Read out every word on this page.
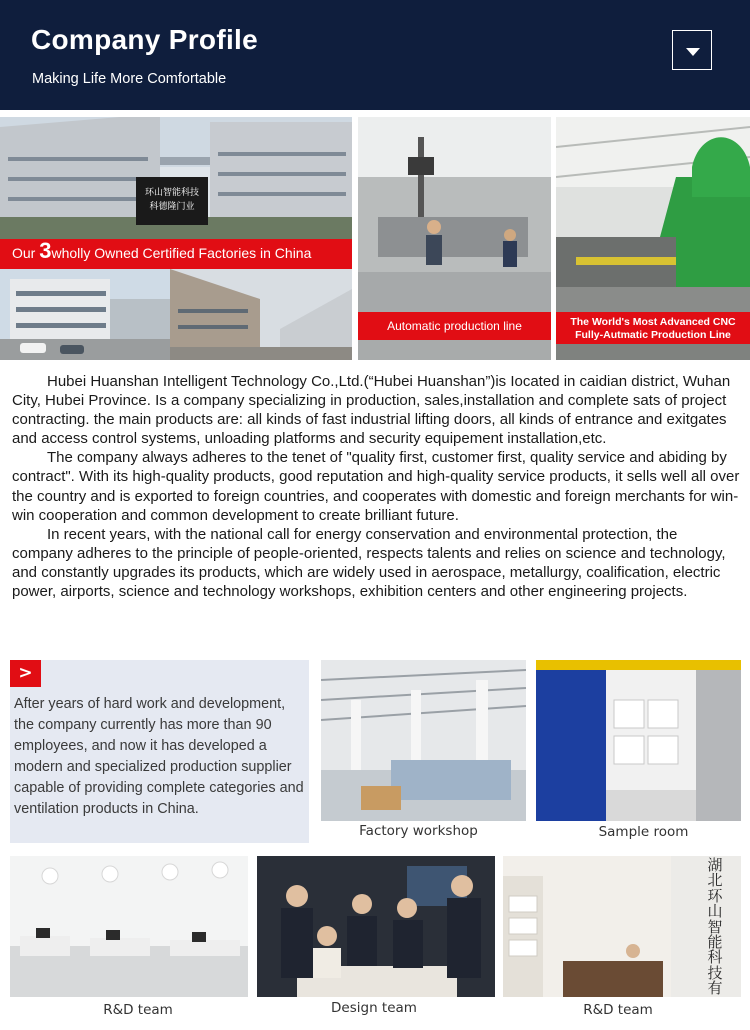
Company Profile
Making Life More Comfortable
环山智能科技
科德隆门业
Our 3wholly Owned Certified Factories in China
Automatic production line	The World's Most Advanced CNC
Fully-Autmatic Production Line

Hubei Huanshan Intelligent Technology Co.,Ltd.(“Hubei Huanshan”)is Iocated in caidian district, Wuhan City, Hubei Province. Is a company specializing in production, sales,installation and complete sats of project contracting. the main products are: all kinds of fast industrial lifting doors, all kinds of entrance and exitgates and access control systems, unloading platforms and security equipement installation,etc.

The company always adheres to the tenet of "quality first, customer first, quality service and abiding by contract". With its high-quality products, good reputation and high-quality service products, it sells well all over the country and is exported to foreign countries, and cooperates with domestic and foreign merchants for win-win cooperation and common development to create brilliant future.

In recent years, with the national call for energy conservation and environmental protection, the company adheres to the principle of people-oriented, respects talents and relies on science and technology, and constantly upgrades its products, which are widely used in aerospace, metallurgy, coalification, electric power, airports, science and technology workshops, exhibition centers and other engineering projects.

>
After years of hard work and development, the company currently has more than 90 employees, and now it has developed a modern and specialized production supplier capable of providing complete categories and ventilation products in China.
Factory workshop	Sample room
R&D team	Design team
湖
北
环
山
智
能
科
技
有
R&D team
